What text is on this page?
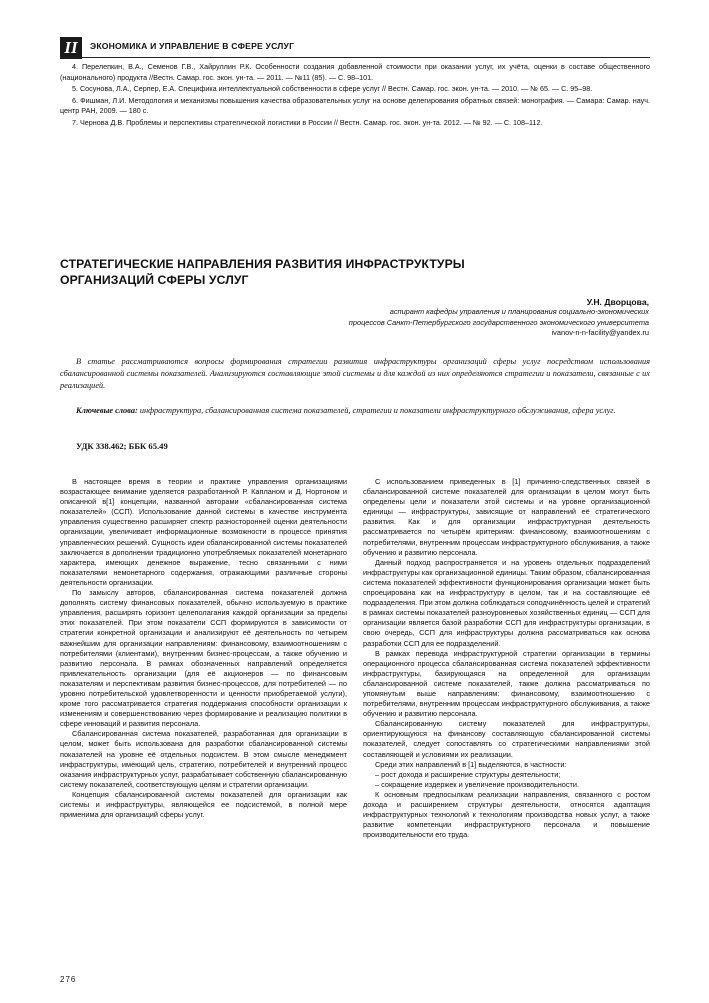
II	ЭКОНОМИКА И УПРАВЛЕНИЕ В СФЕРЕ УСЛУГ

4. Перелепкин, В.А., Семенов Г.В., Хайруллин Р.К. Особенности создания добавленной стоимости при оказании услуг, их учёта, оценки в составе общественного (национального) продукта //Вестн. Самар. гос. экон. ун-та. — 2011. — №11 (85). — С. 98–101.

5. Сосунова, Л.А., Серпер, Е.А. Специфика интеллектуальной собственности в сфере услуг // Вестн. Самар. гос. экон. ун-та. — 2010. — № 65. — С. 95–98.

6. Фишман, Л.И. Методология и механизмы повышения качества образовательных услуг на основе делегирования обратных связей: монография. — Самара: Самар. науч. центр РАН, 2009. — 180 с.

7. Чернова Д.В. Проблемы и перспективы стратегической логистики в России // Вестн. Самар. гос. экон. ун-та. 2012. — № 92. — С. 108–112.

СТРАТЕГИЧЕСКИЕ НАПРАВЛЕНИЯ РАЗВИТИЯ ИНФРАСТРУКТУРЫ
ОРГАНИЗАЦИЙ СФЕРЫ УСЛУГ
У.Н. Дворцова,
аспирант кафедры управления и планирования социально-экономических
процессов Санкт-Петербургского государственного экономического университета
ivanov-n-n-facility@yandex.ru

В статье рассматриваются вопросы формирования стратегии развития инфраструктуры организаций сферы услуг посредством использования сбалансированной системы показателей. Анализируются составляющие этой системы и для каждой из них определяются стратегии и показатели, связанные с их реализацией.

Ключевые слова: инфраструктура, сбалансированная система показателей, стратегии и показатели инфраструктурного обслуживания, сфера услуг.

УДК 338.462; ББК 65.49

В настоящее время в теории и практике управления организациями возрастающее внимание уделяется разработанной Р. Капланом и Д. Нортоном и описанной в[1] концепции, названной авторами «сбалансированная система показателей» (ССП). Использование данной системы в качестве инструмента управления существенно расширяет спектр разносторонней оценки деятельности организации, увеличивает информационные возможности в процессе принятия управленческих решений. Сущность идеи сбалансированной системы показателей заключается в дополнении традиционно употребляемых показателей монетарного характера, имеющих денежное выражение, тесно связанными с ними показателями немонетарного содержания, отражающими различные стороны деятельности организации.

По замыслу авторов, сбалансированная система показателей должна дополнять систему финансовых показателей, обычно используемую в практике управления, расширять горизонт целеполагания каждой организации за пределы этих показателей. При этом показатели ССП формируются в зависимости от стратегии конкретной организации и анализируют её деятельность по четырем важнейшим для организации направлениям: финансовому, взаимоотношениям с потребителями (клиентами), внутренним бизнес-процессам, а также обучению и развитию персонала. В рамках обозначенных направлений определяется привлекательность организации (для её акционеров — по финансовым показателям и перспективам развития бизнес-процессов, для потребителей — по уровню потребительской удовлетворенности и ценности приобретаемой услуги), кроме того рассматривается стратегия поддержания способности организации к изменениям и совершенствованию через формирование и реализацию политики в сфере инноваций и развития персонала.

Сбалансированная система показателей, разработанная для организации в целом, может быть использована для разработки сбалансированной системы показателей на уровне её отдельных подсистем. В этом смысле менеджмент инфраструктуры, имеющий цель, стратегию, потребителей и внутренний процесс оказания инфраструктурных услуг, разрабатывает собственную сбалансированную систему показателей, соответствующую целям и стратегии организации.

Концепция сбалансированной системы показателей для организации как системы и инфраструктуры, являющейся ее подсистемой, в полной мере применима для организаций сферы услуг.

С использованием приведенных в [1] причинно-следственных связей в сбалансированной системе показателей для организации в целом могут быть определены цели и показатели этой системы и на уровне организационной единицы — инфраструктуры, зависящие от направлений её стратегического развития. Как и для организации инфраструктурная деятельность рассматривается по четырём критериям: финансовому, взаимоотношениям с потребителями, внутренним процессам инфраструктурного обслуживания, а также обучению и развитию персонала.

Данный подход распространяется и на уровень отдельных подразделений инфраструктуры как организационной единицы. Таким образом, сбалансированная система показателей эффективности функционирования организации может быть спроецирована как на инфраструктуру в целом, так и на составляющие её подразделения. При этом должна соблюдаться соподчинённость целей и стратегий в рамках системы показателей разноуровневых хозяйственных единиц — ССП для организации является базой разработки ССП для инфраструктуры организации, в свою очередь, ССП для инфраструктуры должна рассматриваться как основа разработки ССП для ее подразделений.

В рамках перевода инфраструктурной стратегии организации в термины операционного процесса сбалансированная система показателей эффективности инфраструктуры, базирующаяся на определенной для организации сбалансированной системе показателей, также должна рассматриваться по упомянутым выше направлениям: финансовому, взаимоотношению с потребителями, внутренним процессам инфраструктурного обслуживания, а также обучению и развитию персонала.

Сбалансированную систему показателей для инфраструктуры, ориентирующуюся на финансову составляющую сбалансированной системы показателей, следует сопоставлять со стратегическими направлениями этой составляющей и условиями их реализации.

Среди этих направлений в [1] выделяются, в частности:

– рост дохода и расширение структуры деятельности;

– сокращение издержек и увеличение производительности.

К основным предпосылкам реализации направления, связанного с ростом дохода и расширением структуры деятельности, относятся адаптация инфраструктурных технологий к технологиям производства новых услуг, а также развитие компетенции инфраструктурного персонала и повышение производительности его труда.

276
